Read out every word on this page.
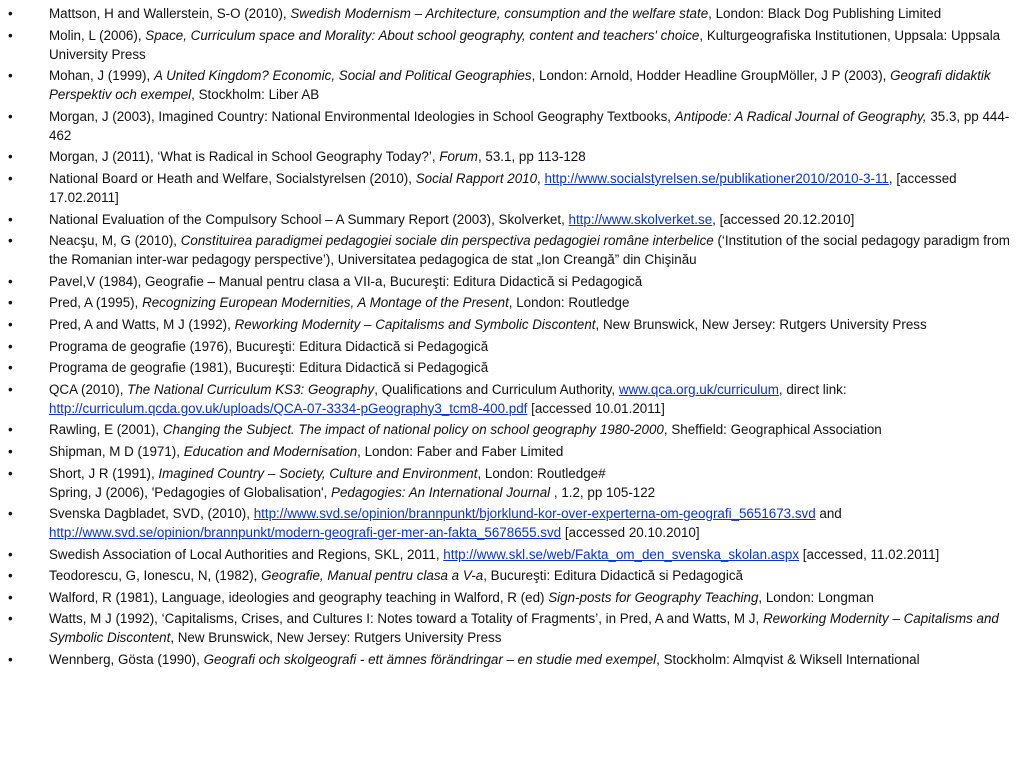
•	Mattson, H and Wallerstein, S-O (2010), Swedish Modernism – Architecture, consumption and the welfare state, London: Black Dog Publishing Limited
•	Molin, L (2006), Space, Curriculum space and Morality: About school geography, content and teachers' choice, Kulturgeografiska Institutionen, Uppsala: Uppsala University Press
•	Mohan, J (1999), A United Kingdom? Economic, Social and Political Geographies, London: Arnold, Hodder Headline GroupMöller, J P (2003), Geografi didaktik Perspektiv och exempel, Stockholm: Liber AB
•	Morgan, J (2003), Imagined Country: National Environmental Ideologies in School Geography Textbooks, Antipode: A Radical Journal of Geography, 35.3, pp 444-462
•	Morgan, J (2011), ‘What is Radical in School Geography Today?’, Forum, 53.1, pp 113-128
•	National Board or Heath and Welfare, Socialstyrelsen (2010), Social Rapport 2010, http://www.socialstyrelsen.se/publikationer2010/2010-3-11, [accessed 17.02.2011]
•	National Evaluation of the Compulsory School – A Summary Report (2003), Skolverket, http://www.skolverket.se, [accessed 20.12.2010]
•	Neacşu, M, G (2010), Constituirea paradigmei pedagogiei sociale din perspectiva pedagogiei române interbelice (‘Institution of the social pedagogy paradigm from the Romanian inter-war pedagogy perspective’), Universitatea pedagogica de stat „Ion Creangă” din Chişinău
•	Pavel,V (1984), Geografie – Manual pentru clasa a VII-a, Bucureşti: Editura Didactică si Pedagogică
•	Pred, A (1995), Recognizing European Modernities, A Montage of the Present, London: Routledge
•	Pred, A and Watts, M J (1992), Reworking Modernity – Capitalisms and Symbolic Discontent, New Brunswick, New Jersey: Rutgers University Press
•	Programa de geografie (1976), Bucureşti: Editura Didactică si Pedagogică
•	Programa de geografie (1981), Bucureşti: Editura Didactică si Pedagogică
•	QCA (2010), The National Curriculum KS3: Geography, Qualifications and Curriculum Authority, www.qca.org.uk/curriculum, direct link: http://curriculum.qcda.gov.uk/uploads/QCA-07-3334-pGeography3_tcm8-400.pdf [accessed 10.01.2011]
•	Rawling, E (2001), Changing the Subject. The impact of national policy on school geography 1980-2000, Sheffield: Geographical Association
•	Shipman, M D (1971), Education and Modernisation, London: Faber and Faber Limited
•	Short, J R (1991), Imagined Country – Society, Culture and Environment, London: Routledge#
Spring, J (2006), 'Pedagogies of Globalisation', Pedagogies: An International Journal , 1.2, pp 105-122
•	Svenska Dagbladet, SVD, (2010), http://www.svd.se/opinion/brannpunkt/bjorklund-kor-over-experterna-om-geografi_5651673.svd and http://www.svd.se/opinion/brannpunkt/modern-geografi-ger-mer-an-fakta_5678655.svd [accessed 20.10.2010]
•	Swedish Association of Local Authorities and Regions, SKL, 2011, http://www.skl.se/web/Fakta_om_den_svenska_skolan.aspx [accessed, 11.02.2011]
•	Teodorescu, G, Ionescu, N, (1982), Geografie, Manual pentru clasa a V-a, Bucureşti: Editura Didactică si Pedagogică
•	Walford, R (1981), Language, ideologies and geography teaching in Walford, R (ed) Sign-posts for Geography Teaching, London: Longman
•	Watts, M J (1992), ‘Capitalisms, Crises, and Cultures I: Notes toward a Totality of Fragments’, in Pred, A and Watts, M J, Reworking Modernity – Capitalisms and Symbolic Discontent, New Brunswick, New Jersey: Rutgers University Press
•	Wennberg, Gösta (1990), Geografi och skolgeografi - ett ämnes förändringar – en studie med exempel, Stockholm: Almqvist & Wiksell International
